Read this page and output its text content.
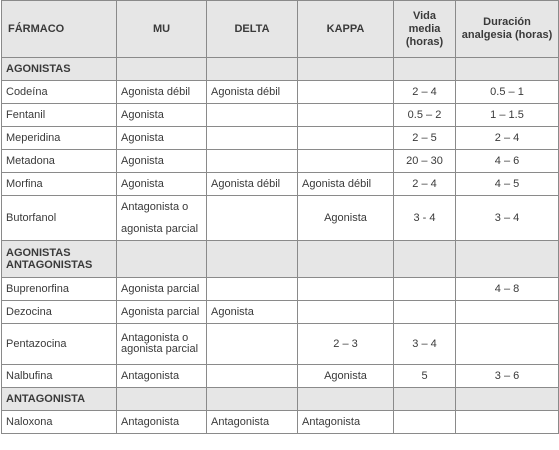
FÁRMACO	MU	DELTA	KAPPA	Vida media (horas)	Duración analgesia (horas)
AGONISTAS					
Codeína	Agonista débil	Agonista débil		2 – 4	0.5 – 1
Fentanil	Agonista			0.5 – 2	1 – 1.5
Meperidina	Agonista			2 – 5	2 – 4
Metadona	Agonista			20 – 30	4 – 6
Morfina	Agonista	Agonista débil	Agonista débil	2 – 4	4 – 5
Butorfanol	Antagonista o agonista parcial		Agonista	3 - 4	3 – 4
AGONISTAS ANTAGONISTAS					
Buprenorfina	Agonista parcial				4 – 8
Dezocina	Agonista parcial	Agonista			
Pentazocina	Antagonista o agonista parcial		2 – 3	3 – 4	
Nalbufina	Antagonista		Agonista	5	3 – 6
ANTAGONISTA					
Naloxona	Antagonista	Antagonista	Antagonista		
